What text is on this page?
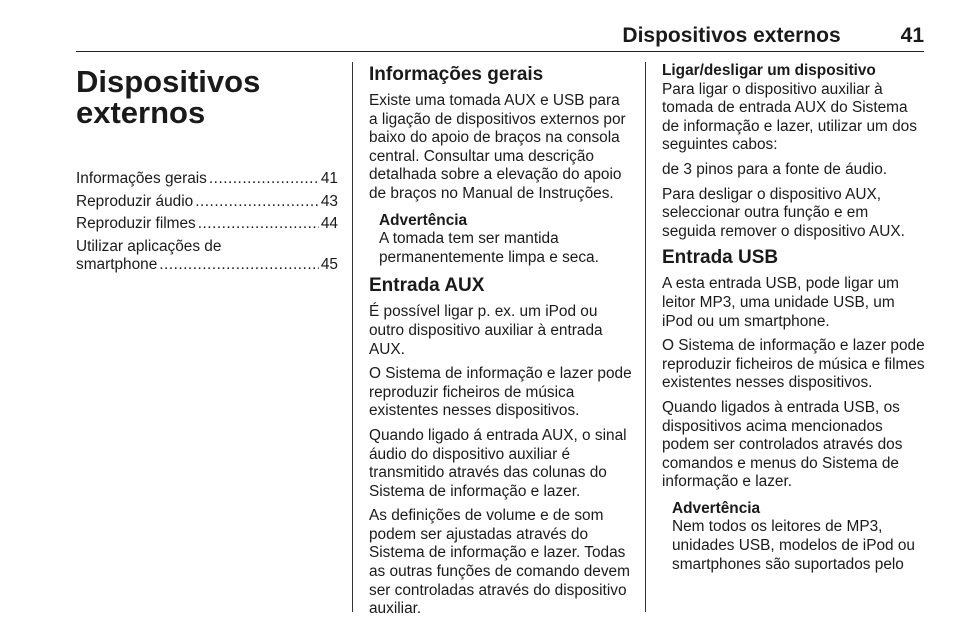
Dispositivos externos	41
Dispositivos
externos
Informações gerais .....	41
Reproduzir áudio .....	43
Reproduzir filmes .....	44
Utilizar aplicações de
smartphone .....	45
Informações gerais

Existe uma tomada AUX e USB para a ligação de dispositivos externos por baixo do apoio de braços na consola central. Consultar uma descrição detalhada sobre a elevação do apoio de braços no Manual de Instruções.

Advertência
A tomada tem ser mantida permanentemente limpa e seca.
Entrada AUX

É possível ligar p. ex. um iPod ou outro dispositivo auxiliar à entrada AUX.

O Sistema de informação e lazer pode reproduzir ficheiros de música existentes nesses dispositivos.

Quando ligado á entrada AUX, o sinal áudio do dispositivo auxiliar é transmitido através das colunas do Sistema de informação e lazer.

As definições de volume e de som podem ser ajustadas através do Sistema de informação e lazer. Todas as outras funções de comando devem ser controladas através do dispositivo auxiliar.

Ligar/desligar um dispositivo

Para ligar o dispositivo auxiliar à tomada de entrada AUX do Sistema de informação e lazer, utilizar um dos seguintes cabos:

de 3 pinos para a fonte de áudio.

Para desligar o dispositivo AUX, seleccionar outra função e em seguida remover o dispositivo AUX.

Entrada USB

A esta entrada USB, pode ligar um leitor MP3, uma unidade USB, um iPod ou um smartphone.

O Sistema de informação e lazer pode reproduzir ficheiros de música e filmes existentes nesses dispositivos.

Quando ligados à entrada USB, os dispositivos acima mencionados podem ser controlados através dos comandos e menus do Sistema de informação e lazer.

Advertência
Nem todos os leitores de MP3, unidades USB, modelos de iPod ou smartphones são suportados pelo
